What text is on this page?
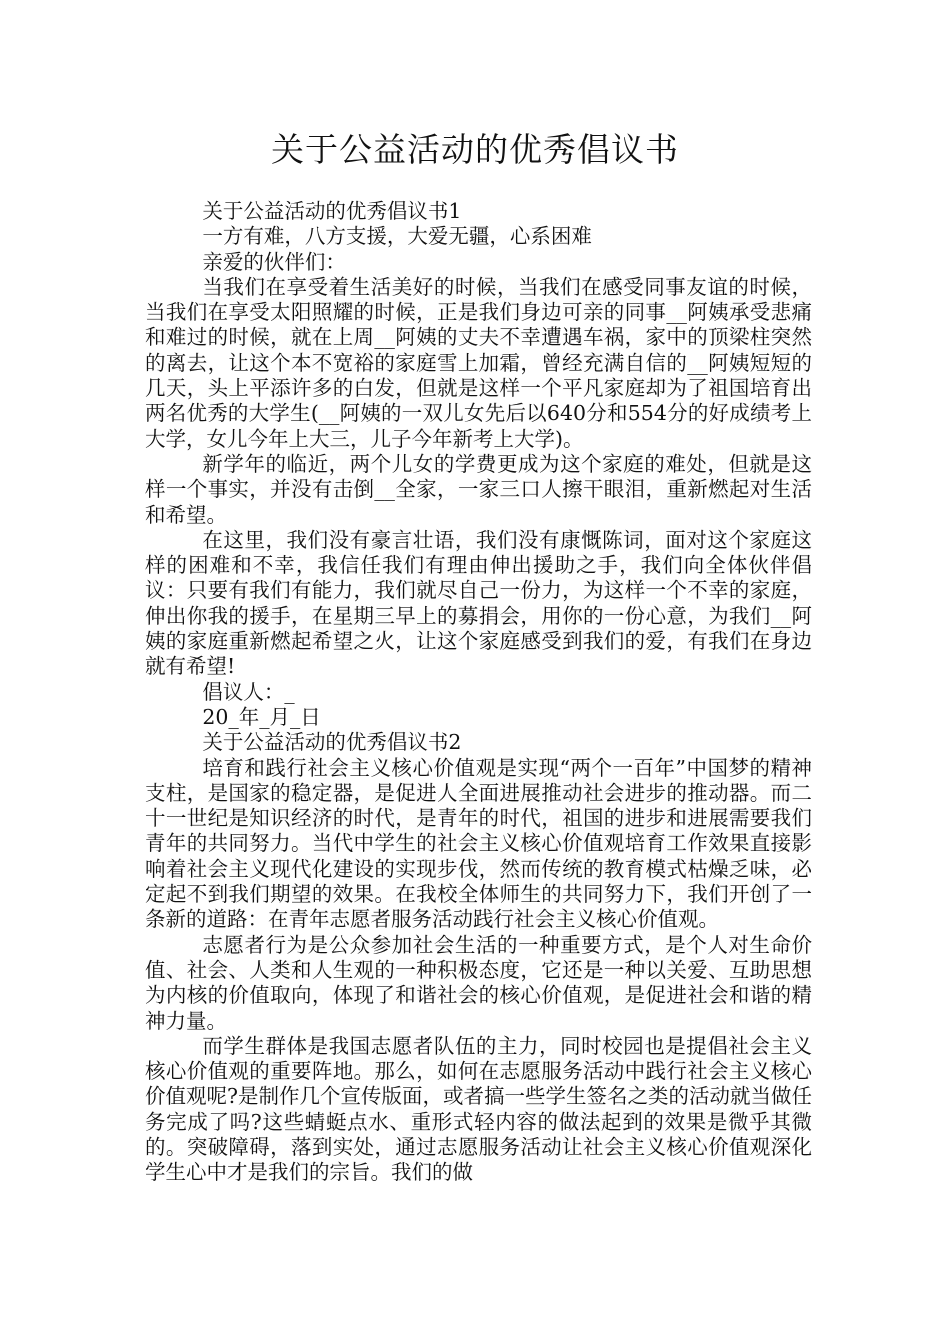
关于公益活动的优秀倡议书

关于公益活动的优秀倡议书1

一方有难，八方支援，大爱无疆，心系困难

亲爱的伙伴们：

当我们在享受着生活美好的时候，当我们在感受同事友谊的时候，当我们在享受太阳照耀的时候，正是我们身边可亲的同事__阿姨承受悲痛和难过的时候，就在上周__阿姨的丈夫不幸遭遇车祸，家中的顶梁柱突然的离去，让这个本不宽裕的家庭雪上加霜，曾经充满自信的__阿姨短短的几天，头上平添许多的白发，但就是这样一个平凡家庭却为了祖国培育出两名优秀的大学生(__阿姨的一双儿女先后以640分和554分的好成绩考上大学，女儿今年上大三，儿子今年新考上大学)。

新学年的临近，两个儿女的学费更成为这个家庭的难处，但就是这样一个事实，并没有击倒__全家，一家三口人擦干眼泪，重新燃起对生活和希望。

在这里，我们没有豪言壮语，我们没有康慨陈词，面对这个家庭这样的困难和不幸，我信任我们有理由伸出援助之手，我们向全体伙伴倡议：只要有我们有能力，我们就尽自己一份力，为这样一个不幸的家庭，伸出你我的援手，在星期三早上的募捐会，用你的一份心意，为我们__阿姨的家庭重新燃起希望之火，让这个家庭感受到我们的爱，有我们在身边就有希望!

倡议人：_

20_年_月_日

关于公益活动的优秀倡议书2

培育和践行社会主义核心价值观是实现“两个一百年”中国梦的精神支柱，是国家的稳定器，是促进人全面进展推动社会进步的推动器。而二十一世纪是知识经济的时代，是青年的时代，祖国的进步和进展需要我们青年的共同努力。当代中学生的社会主义核心价值观培育工作效果直接影响着社会主义现代化建设的实现步伐，然而传统的教育模式枯燥乏味，必定起不到我们期望的效果。在我校全体师生的共同努力下，我们开创了一条新的道路：在青年志愿者服务活动践行社会主义核心价值观。

志愿者行为是公众参加社会生活的一种重要方式，是个人对生命价值、社会、人类和人生观的一种积极态度，它还是一种以关爱、互助思想为内核的价值取向，体现了和谐社会的核心价值观，是促进社会和谐的精神力量。

而学生群体是我国志愿者队伍的主力，同时校园也是提倡社会主义核心价值观的重要阵地。那么，如何在志愿服务活动中践行社会主义核心价值观呢?是制作几个宣传版面，或者搞一些学生签名之类的活动就当做任务完成了吗?这些蜻蜓点水、重形式轻内容的做法起到的效果是微乎其微的。突破障碍，落到实处，通过志愿服务活动让社会主义核心价值观深化学生心中才是我们的宗旨。我们的做
